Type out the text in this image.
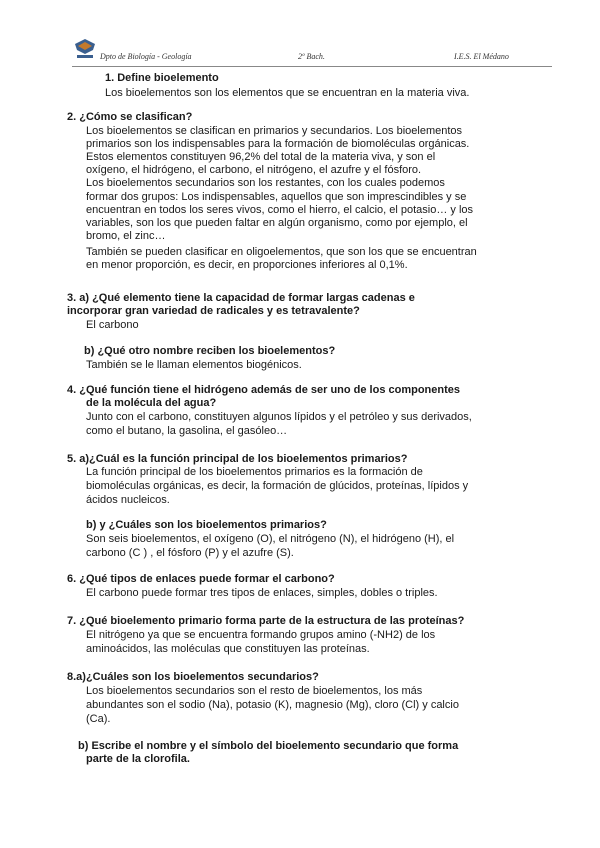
Dpto de Biología - Geología	2º Bach.	I.E.S. El Médano

1. Define bioelemento

Los bioelementos son los elementos que se encuentran en la materia viva.

2. ¿Cómo se clasifican?

Los bioelementos se clasifican en primarios y secundarios. Los bioelementos

primarios son los indispensables para la formación de biomoléculas orgánicas.

Estos elementos constituyen 96,2% del total de la materia viva, y son el

oxígeno, el hidrógeno, el carbono, el nitrógeno, el azufre y el fósforo.

Los bioelementos secundarios son los restantes, con los cuales podemos

formar dos grupos: Los indispensables, aquellos que son imprescindibles y se

encuentran en todos los seres vivos, como el hierro, el calcio, el potasio… y los

variables, son los que pueden faltar en algún organismo, como por ejemplo, el

bromo, el zinc…

También se pueden clasificar en oligoelementos, que son los que se encuentran

en menor proporción, es decir, en proporciones inferiores al 0,1%.

3. a) ¿Qué elemento tiene la capacidad de formar largas cadenas e

incorporar gran variedad de radicales y es tetravalente?

El carbono

b) ¿Qué otro nombre reciben los bioelementos?

También se le llaman elementos biogénicos.

4. ¿Qué función tiene el hidrógeno además de ser uno de los componentes

de la molécula del agua?

Junto con el carbono, constituyen algunos lípidos y el petróleo y sus derivados,

como el butano, la gasolina, el gasóleo…

5. a)¿Cuál es la función principal de los bioelementos primarios?

La función principal de los bioelementos primarios es la formación de

biomoléculas orgánicas, es decir, la formación de glúcidos, proteínas, lípidos y

ácidos nucleicos.

b) y ¿Cuáles son los bioelementos primarios?

Son seis bioelementos, el oxígeno (O), el nitrógeno (N), el hidrógeno (H), el

carbono (C ) , el fósforo (P) y el azufre (S).

6. ¿Qué tipos de enlaces puede formar el carbono?

El carbono puede formar tres tipos de enlaces, simples, dobles o triples.

7. ¿Qué bioelemento primario forma parte de la estructura de las proteínas?

El nitrógeno ya que se encuentra formando grupos amino (-NH2) de los

aminoácidos, las moléculas que constituyen las proteínas.

8.a)¿Cuáles son los bioelementos secundarios?

Los bioelementos secundarios son el resto de bioelementos, los más

abundantes son el sodio (Na), potasio (K), magnesio (Mg), cloro (Cl) y calcio

(Ca).

b) Escribe el nombre y el símbolo del bioelemento secundario que forma

parte de la clorofila.
